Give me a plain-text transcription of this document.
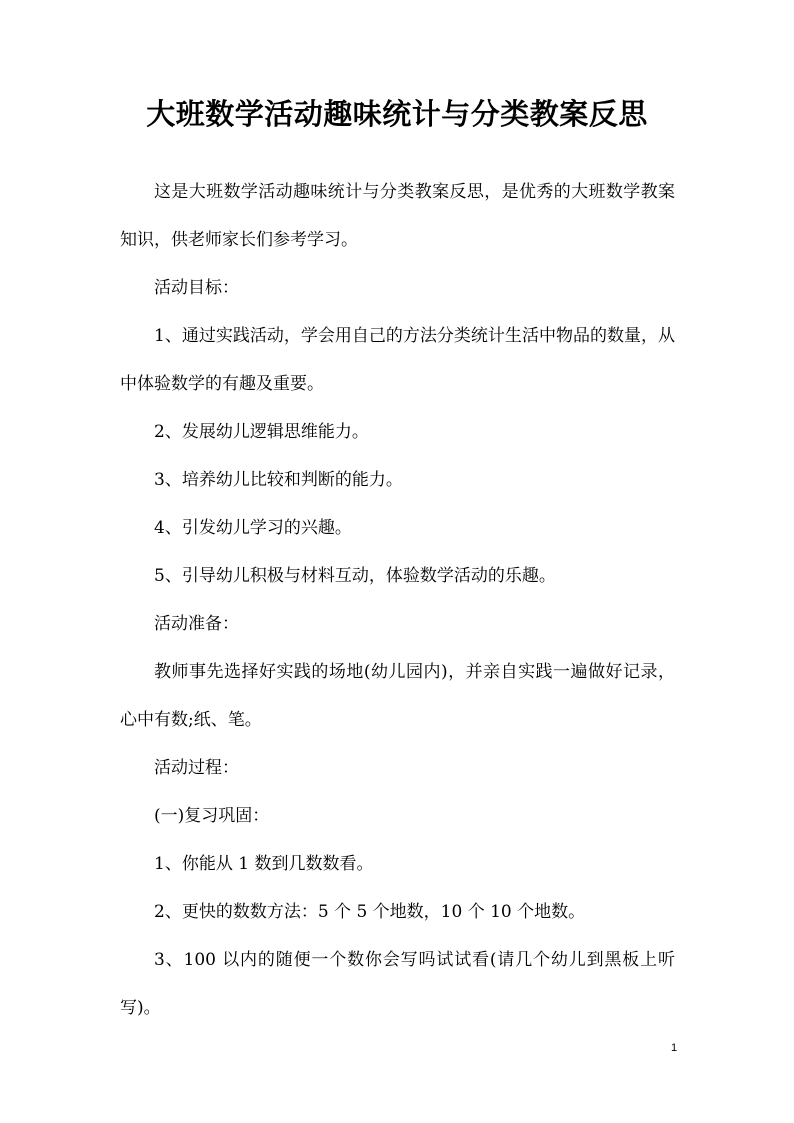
大班数学活动趣味统计与分类教案反思

这是大班数学活动趣味统计与分类教案反思，是优秀的大班数学教案知识，供老师家长们参考学习。

活动目标：

1、通过实践活动，学会用自己的方法分类统计生活中物品的数量，从中体验数学的有趣及重要。

2、发展幼儿逻辑思维能力。

3、培养幼儿比较和判断的能力。

4、引发幼儿学习的兴趣。

5、引导幼儿积极与材料互动，体验数学活动的乐趣。

活动准备：

教师事先选择好实践的场地(幼儿园内)，并亲自实践一遍做好记录，心中有数;纸、笔。

活动过程：

(一)复习巩固：

1、你能从 1 数到几数数看。

2、更快的数数方法：5 个 5 个地数，10 个 10 个地数。

3、100 以内的随便一个数你会写吗试试看(请几个幼儿到黑板上听写)。

1
